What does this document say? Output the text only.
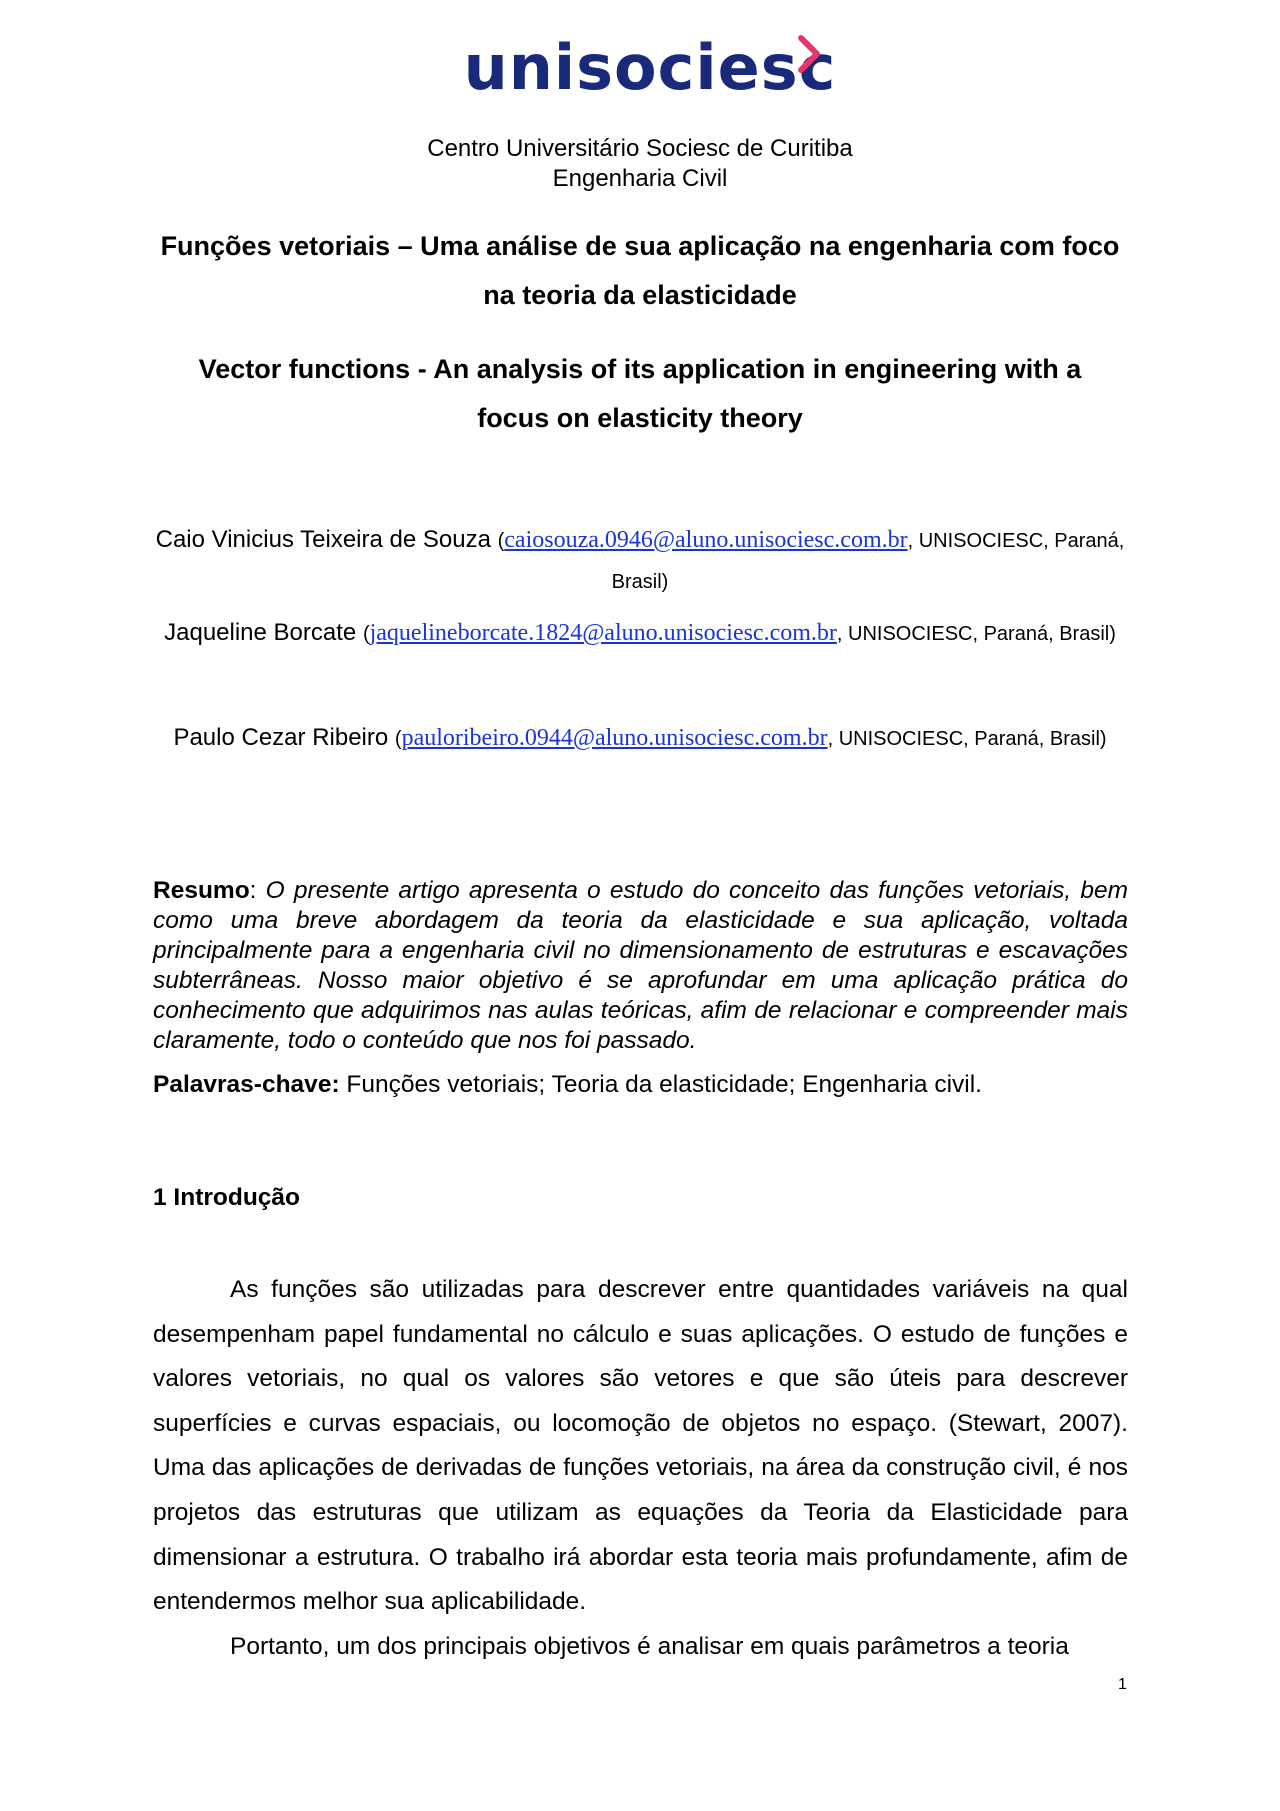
unisociesc
Centro Universitário Sociesc de Curitiba
Engenharia Civil
Funções vetoriais – Uma análise de sua aplicação na engenharia com foco na teoria da elasticidade
Vector functions - An analysis of its application in engineering with a focus on elasticity theory
Caio Vinicius Teixeira de Souza (caiosouza.0946@aluno.unisociesc.com.br, UNISOCIESC, Paraná, Brasil)
Jaqueline Borcate (jaquelineborcate.1824@aluno.unisociesc.com.br, UNISOCIESC, Paraná, Brasil)
Paulo Cezar Ribeiro (pauloribeiro.0944@aluno.unisociesc.com.br, UNISOCIESC, Paraná, Brasil)
Resumo: O presente artigo apresenta o estudo do conceito das funções vetoriais, bem como uma breve abordagem da teoria da elasticidade e sua aplicação, voltada principalmente para a engenharia civil no dimensionamento de estruturas e escavações subterrâneas. Nosso maior objetivo é se aprofundar em uma aplicação prática do conhecimento que adquirimos nas aulas teóricas, afim de relacionar e compreender mais claramente, todo o conteúdo que nos foi passado.
Palavras-chave: Funções vetoriais; Teoria da elasticidade; Engenharia civil.
1 Introdução

As funções são utilizadas para descrever entre quantidades variáveis na qual desempenham papel fundamental no cálculo e suas aplicações. O estudo de funções e valores vetoriais, no qual os valores são vetores e que são úteis para descrever superfícies e curvas espaciais, ou locomoção de objetos no espaço. (Stewart, 2007). Uma das aplicações de derivadas de funções vetoriais, na área da construção civil, é nos projetos das estruturas que utilizam as equações da Teoria da Elasticidade para dimensionar a estrutura. O trabalho irá abordar esta teoria mais profundamente, afim de entendermos melhor sua aplicabilidade.

Portanto, um dos principais objetivos é analisar em quais parâmetros a teoria

1
